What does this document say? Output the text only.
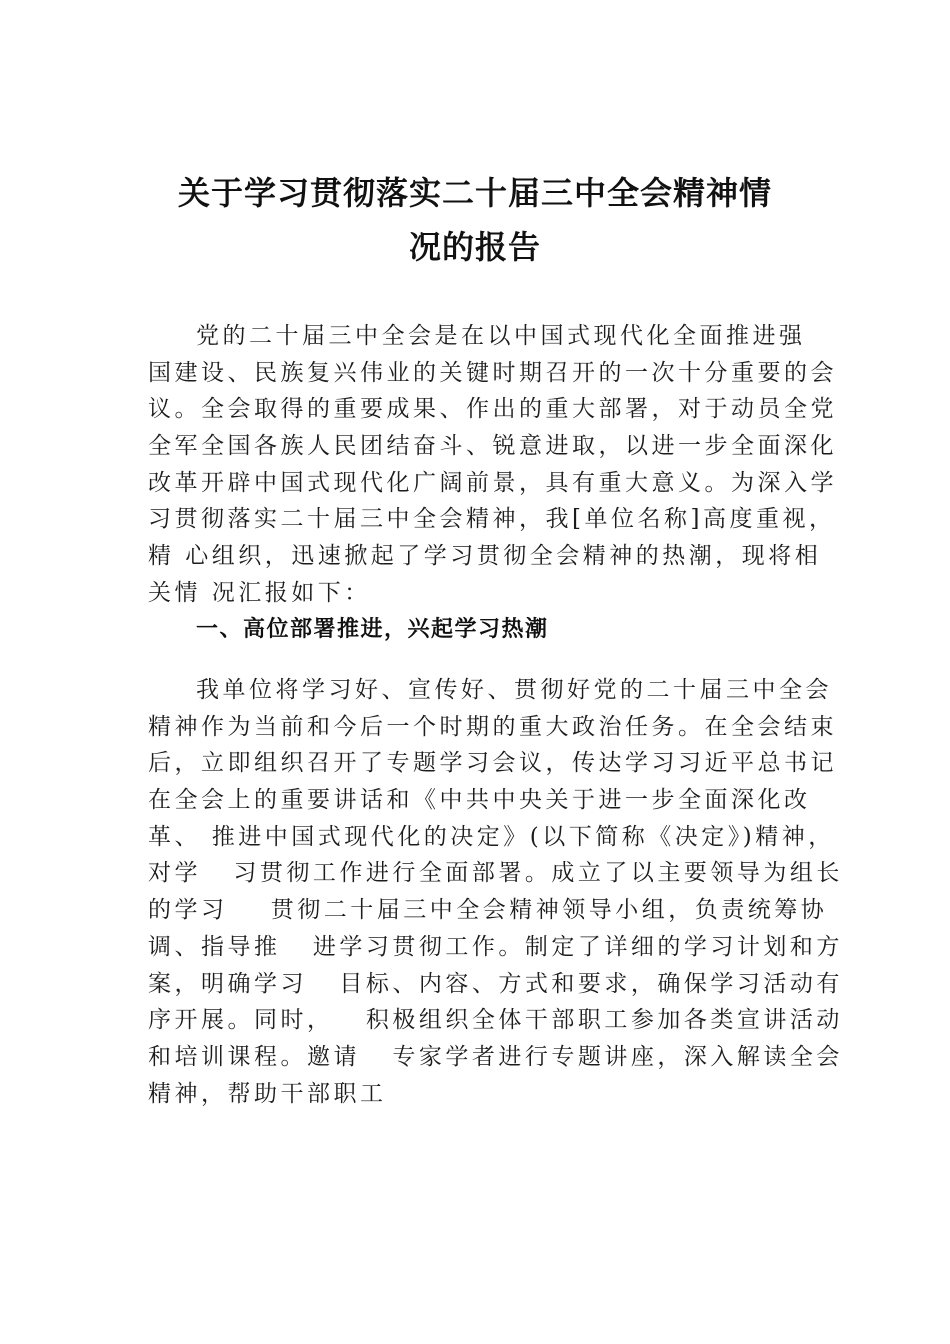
关于学习贯彻落实二十届三中全会精神情
况的报告
党的二十届三中全会是在以中国式现代化全面推进强
国建设、民族复兴伟业的关键时期召开的一次十分重要的会
议。全会取得的重要成果、作出的重大部署，对于动员全党
全军全国各族人民团结奋斗、锐意进取，以进一步全面深化
改革开辟中国式现代化广阔前景，具有重大意义。为深入学
习贯彻落实二十届三中全会精神，我[单位名称]高度重视，
精 心组织，迅速掀起了学习贯彻全会精神的热潮，现将相
关情 况汇报如下：
一、高位部署推进，兴起学习热潮
我单位将学习好、宣传好、贯彻好党的二十届三中全会
精神作为当前和今后一个时期的重大政治任务。在全会结束
后，立即组织召开了专题学习会议，传达学习习近平总书记
在全会上的重要讲话和《中共中央关于进一步全面深化改
革、 推进中国式现代化的决定》(以下简称《决定》)精神，
对学   习贯彻工作进行全面部署。成立了以主要领导为组长
的学习    贯彻二十届三中全会精神领导小组，负责统筹协
调、指导推   进学习贯彻工作。制定了详细的学习计划和方
案，明确学习   目标、内容、方式和要求，确保学习活动有
序开展。同时，   积极组织全体干部职工参加各类宣讲活动
和培训课程。邀请   专家学者进行专题讲座，深入解读全会
精神，帮助干部职工
